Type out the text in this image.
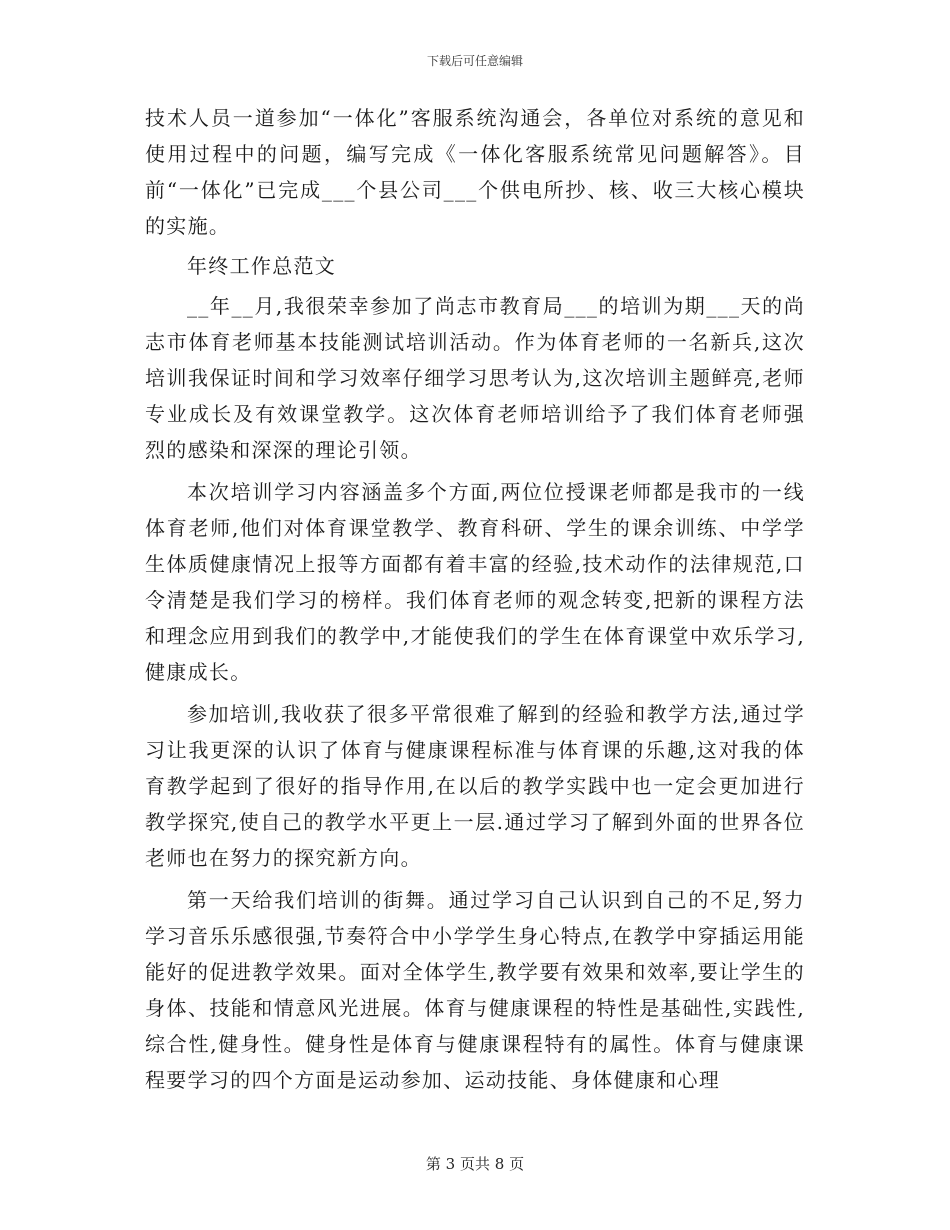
下载后可任意编辑

技术人员一道参加“一体化”客服系统沟通会，各单位对系统的意见和使用过程中的问题，编写完成《一体化客服系统常见问题解答》。目前“一体化”已完成___个县公司___个供电所抄、核、收三大核心模块的实施。

年终工作总范文

__年__月,我很荣幸参加了尚志市教育局___的培训为期___天的尚志市体育老师基本技能测试培训活动。作为体育老师的一名新兵,这次培训我保证时间和学习效率仔细学习思考认为,这次培训主题鲜亮,老师专业成长及有效课堂教学。这次体育老师培训给予了我们体育老师强烈的感染和深深的理论引领。

本次培训学习内容涵盖多个方面,两位位授课老师都是我市的一线体育老师,他们对体育课堂教学、教育科研、学生的课余训练、中学学生体质健康情况上报等方面都有着丰富的经验,技术动作的法律规范,口令清楚是我们学习的榜样。我们体育老师的观念转变,把新的课程方法和理念应用到我们的教学中,才能使我们的学生在体育课堂中欢乐学习,健康成长。

参加培训,我收获了很多平常很难了解到的经验和教学方法,通过学习让我更深的认识了体育与健康课程标准与体育课的乐趣,这对我的体育教学起到了很好的指导作用,在以后的教学实践中也一定会更加进行教学探究,使自己的教学水平更上一层.通过学习了解到外面的世界各位老师也在努力的探究新方向。

第一天给我们培训的街舞。通过学习自己认识到自己的不足,努力学习音乐乐感很强,节奏符合中小学学生身心特点,在教学中穿插运用能能好的促进教学效果。面对全体学生,教学要有效果和效率,要让学生的身体、技能和情意风光进展。体育与健康课程的特性是基础性,实践性,综合性,健身性。健身性是体育与健康课程特有的属性。体育与健康课程要学习的四个方面是运动参加、运动技能、身体健康和心理

第 3 页共 8 页
